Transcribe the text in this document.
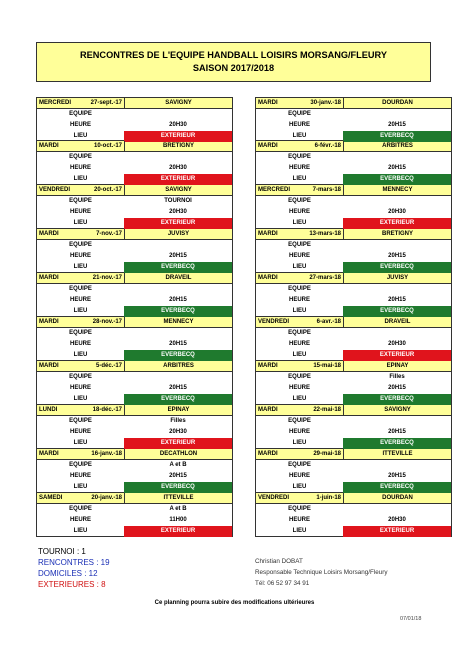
RENCONTRES DE L'EQUIPE HANDBALL LOISIRS MORSANG/FLEURY
SAISON 2017/2018
MERCREDI	27-sept.-17	SAVIGNY
EQUIPE
HEURE	20H30
LIEU	EXTERIEUR
MARDI	10-oct.-17	BRETIGNY
EQUIPE
HEURE	20H30
LIEU	EXTERIEUR
VENDREDI	20-oct.-17	SAVIGNY
EQUIPE	TOURNOI
HEURE	20H30
LIEU	EXTERIEUR
MARDI	7-nov.-17	JUVISY
EQUIPE
HEURE	20H15
LIEU	EVERBECQ
MARDI	21-nov.-17	DRAVEIL
EQUIPE
HEURE	20H15
LIEU	EVERBECQ
MARDI	28-nov.-17	MENNECY
EQUIPE
HEURE	20H15
LIEU	EVERBECQ
MARDI	5-déc.-17	ARBITRES
EQUIPE
HEURE	20H15
LIEU	EVERBECQ
LUNDI	18-déc.-17	EPINAY
EQUIPE	Filles
HEURE	20H30
LIEU	EXTERIEUR
MARDI	16-janv.-18	DECATHLON
EQUIPE	A et B
HEURE	20H15
LIEU	EVERBECQ
SAMEDI	20-janv.-18	ITTEVILLE
EQUIPE	A et B
HEURE	11H00
LIEU	EXTERIEUR
MARDI	30-janv.-18	DOURDAN
EQUIPE
HEURE	20H15
LIEU	EVERBECQ
MARDI	6-févr.-18	ARBITRES
EQUIPE
HEURE	20H15
LIEU	EVERBECQ
MERCREDI	7-mars-18	MENNECY
EQUIPE
HEURE	20H30
LIEU	EXTERIEUR
MARDI	13-mars-18	BRETIGNY
EQUIPE
HEURE	20H15
LIEU	EVERBECQ
MARDI	27-mars-18	JUVISY
EQUIPE
HEURE	20H15
LIEU	EVERBECQ
VENDREDI	6-avr.-18	DRAVEIL
EQUIPE
HEURE	20H30
LIEU	EXTERIEUR
MARDI	15-mai-18	EPINAY
EQUIPE	Filles
HEURE	20H15
LIEU	EVERBECQ
MARDI	22-mai-18	SAVIGNY
EQUIPE
HEURE	20H15
LIEU	EVERBECQ
MARDI	29-mai-18	ITTEVILLE
EQUIPE
HEURE	20H15
LIEU	EVERBECQ
VENDREDI	1-juin-18	DOURDAN
EQUIPE
HEURE	20H30
LIEU	EXTERIEUR
TOURNOI : 1
RENCONTRES : 19
DOMICILES : 12
EXTERIEURES : 8
Christian DOBAT
Responsable Technique Loisirs Morsang/Fleury
Tél: 06 52 97 34 91
Ce planning pourra subire des modifications ultérieures
07/01/18
